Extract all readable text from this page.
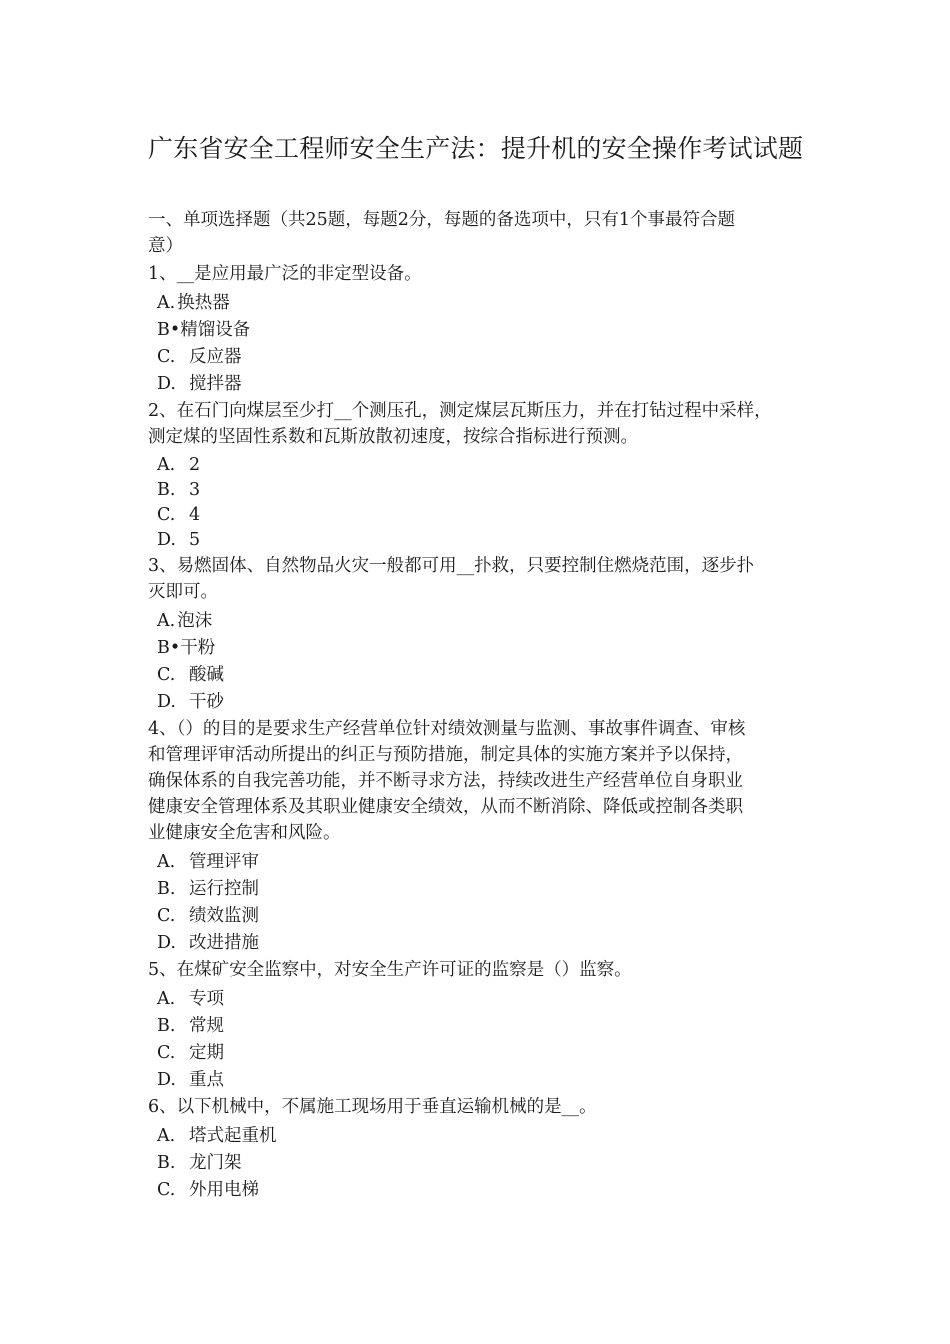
广东省安全工程师安全生产法：提升机的安全操作考试试题
一、单项选择题（共25题，每题2分，每题的备选项中，只有1个事最符合题
意）
1、__是应用最广泛的非定型设备。
A. 换热器
B • 精馏设备
C. 反应器
D. 搅拌器
2、在石门向煤层至少打__个测压孔，测定煤层瓦斯压力，并在打钻过程中采样，
测定煤的坚固性系数和瓦斯放散初速度，按综合指标进行预测。
A. 2
B. 3
C. 4
D. 5
3、易燃固体、自然物品火灾一般都可用__扑救，只要控制住燃烧范围，逐步扑
灭即可。
A. 泡沫
B • 干粉
C. 酸碱
D. 干砂
4、（）的目的是要求生产经营单位针对绩效测量与监测、事故事件调查、审核
和管理评审活动所提出的纠正与预防措施，制定具体的实施方案并予以保持，
确保体系的自我完善功能，并不断寻求方法，持续改进生产经营单位自身职业
健康安全管理体系及其职业健康安全绩效，从而不断消除、降低或控制各类职
业健康安全危害和风险。
A. 管理评审
B. 运行控制
C. 绩效监测
D. 改进措施
5、在煤矿安全监察中，对安全生产许可证的监察是（）监察。
A. 专项
B. 常规
C. 定期
D. 重点
6、以下机械中，不属施工现场用于垂直运输机械的是__。
A. 塔式起重机
B. 龙门架
C. 外用电梯
